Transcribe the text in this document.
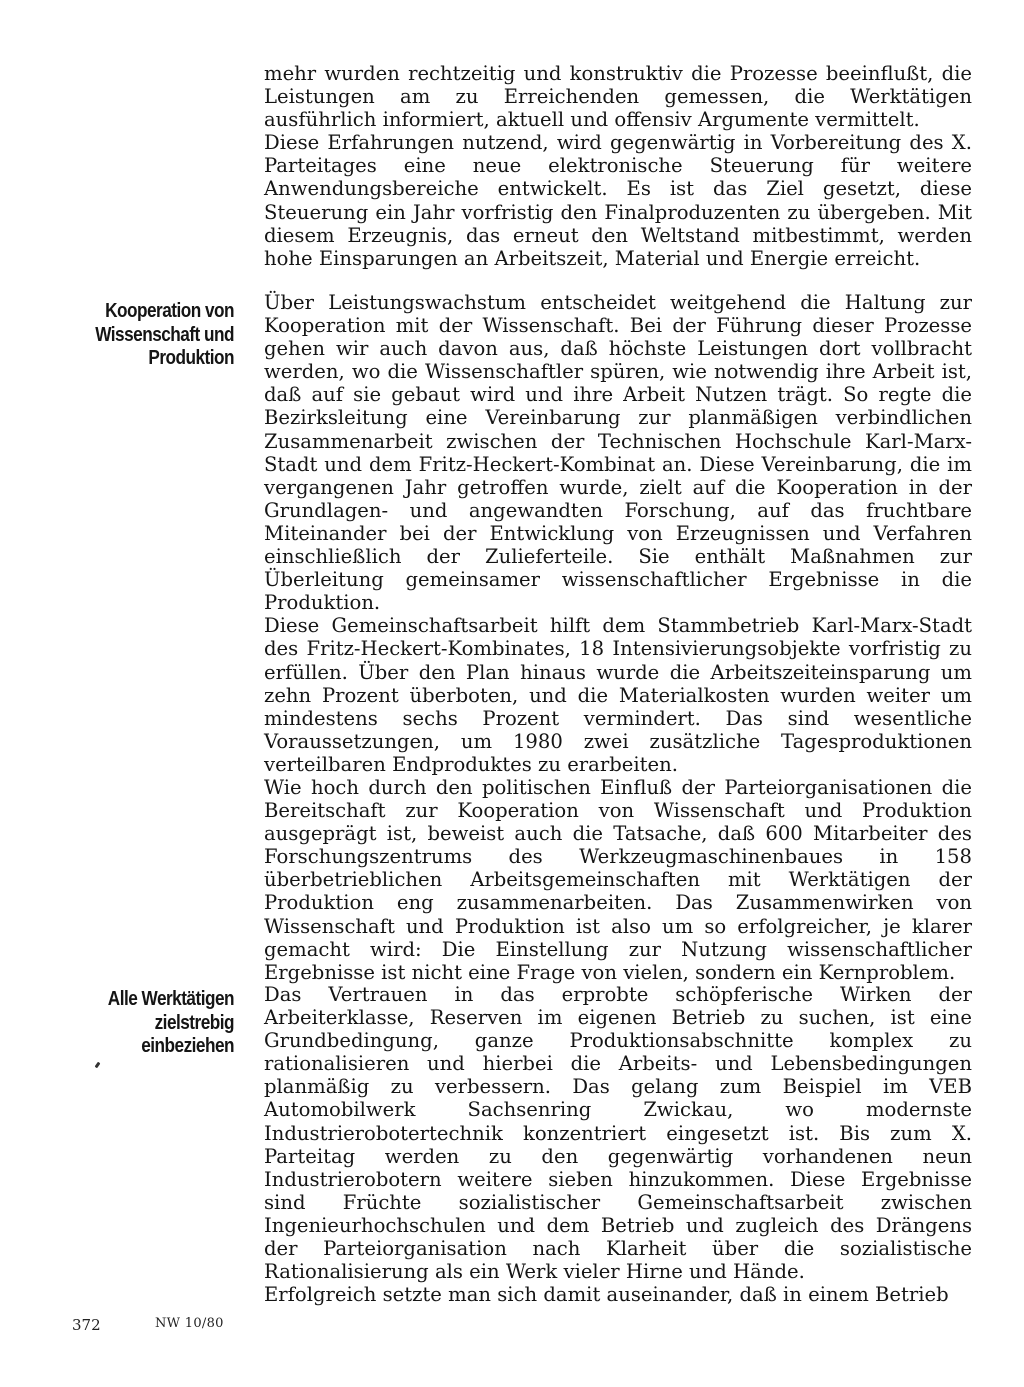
mehr wurden rechtzeitig und konstruktiv die Prozesse beeinflußt, die Leistungen am zu Erreichenden gemessen, die Werktätigen ausführlich informiert, aktuell und offensiv Argumente vermittelt.

Diese Erfahrungen nutzend, wird gegenwärtig in Vorbereitung des X. Parteitages eine neue elektronische Steuerung für weitere Anwendungsbereiche entwickelt. Es ist das Ziel gesetzt, diese Steuerung ein Jahr vorfristig den Finalproduzenten zu übergeben. Mit diesem Erzeugnis, das erneut den Weltstand mitbestimmt, werden hohe Einsparungen an Arbeitszeit, Material und Energie erreicht.

Kooperation von Wissenschaft und Produktion

Über Leistungswachstum entscheidet weitgehend die Haltung zur Kooperation mit der Wissenschaft. Bei der Führung dieser Prozesse gehen wir auch davon aus, daß höchste Leistungen dort vollbracht werden, wo die Wissenschaftler spüren, wie notwendig ihre Arbeit ist, daß auf sie gebaut wird und ihre Arbeit Nutzen trägt. So regte die Bezirksleitung eine Vereinbarung zur planmäßigen verbindlichen Zusammenarbeit zwischen der Technischen Hochschule Karl-Marx-Stadt und dem Fritz-Heckert-Kombinat an. Diese Vereinbarung, die im vergangenen Jahr getroffen wurde, zielt auf die Kooperation in der Grundlagen- und angewandten Forschung, auf das fruchtbare Miteinander bei der Entwicklung von Erzeugnissen und Verfahren einschließlich der Zulieferteile. Sie enthält Maßnahmen zur Überleitung gemeinsamer wissenschaftlicher Ergebnisse in die Produktion.

Diese Gemeinschaftsarbeit hilft dem Stammbetrieb Karl-Marx-Stadt des Fritz-Heckert-Kombinates, 18 Intensivierungsobjekte vorfristig zu erfüllen. Über den Plan hinaus wurde die Arbeitszeiteinsparung um zehn Prozent überboten, und die Materialkosten wurden weiter um mindestens sechs Prozent vermindert. Das sind wesentliche Voraussetzungen, um 1980 zwei zusätzliche Tagesproduktionen verteilbaren Endproduktes zu erarbeiten.

Wie hoch durch den politischen Einfluß der Parteiorganisationen die Bereitschaft zur Kooperation von Wissenschaft und Produktion ausgeprägt ist, beweist auch die Tatsache, daß 600 Mitarbeiter des Forschungszentrums des Werkzeugmaschinenbaues in 158 überbetrieblichen Arbeitsgemeinschaften mit Werktätigen der Produktion eng zusammenarbeiten. Das Zusammenwirken von Wissenschaft und Produktion ist also um so erfolgreicher, je klarer gemacht wird: Die Einstellung zur Nutzung wissenschaftlicher Ergebnisse ist nicht eine Frage von vielen, sondern ein Kernproblem.

Alle Werktätigen zielstrebig einbeziehen

Das Vertrauen in das erprobte schöpferische Wirken der Arbeiterklasse, Reserven im eigenen Betrieb zu suchen, ist eine Grundbedingung, ganze Produktionsabschnitte komplex zu rationalisieren und hierbei die Arbeits- und Lebensbedingungen planmäßig zu verbessern. Das gelang zum Beispiel im VEB Automobilwerk Sachsenring Zwickau, wo modernste Industrierobotertechnik konzentriert eingesetzt ist. Bis zum X. Parteitag werden zu den gegenwärtig vorhandenen neun Industrierobotern weitere sieben hinzukommen. Diese Ergebnisse sind Früchte sozialistischer Gemeinschaftsarbeit zwischen Ingenieurhochschulen und dem Betrieb und zugleich des Drängens der Parteiorganisation nach Klarheit über die sozialistische Rationalisierung als ein Werk vieler Hirne und Hände.

Erfolgreich setzte man sich damit auseinander, daß in einem Betrieb

372	NW 10/80
